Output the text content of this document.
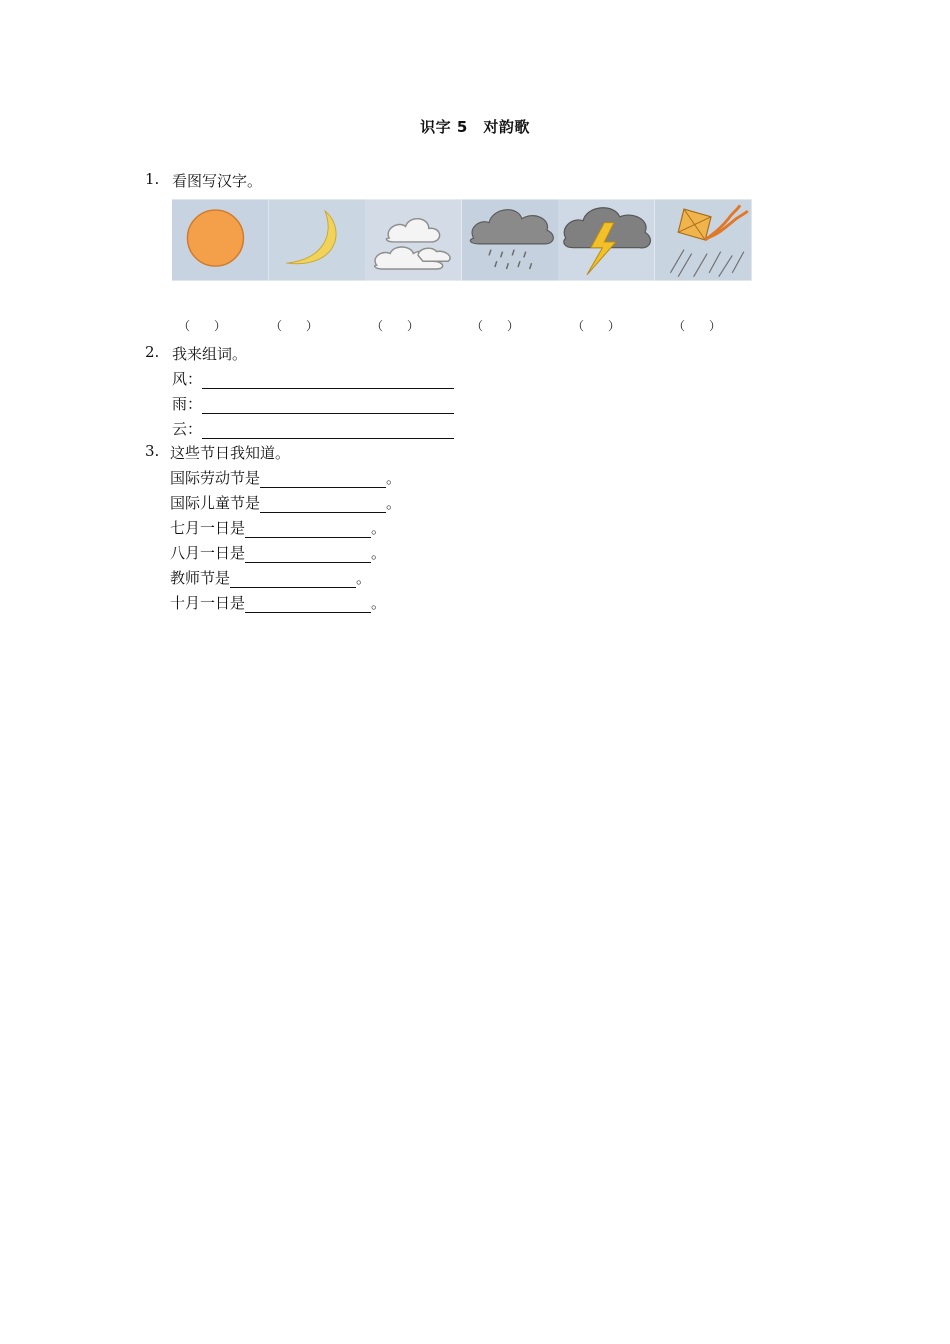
识字 5　对韵歌
1. 看图写汉字。
（　　 ）	（　　 ）	（　　 ）	（　　 ）	（　　 ）	（　　 ）
2. 我来组词。
风：
雨：
云：
3. 这些节日我知道。
国际劳动节是	。
国际儿童节是	。
七月一日是	。
八月一日是	。
教师节是	。
十月一日是	。
